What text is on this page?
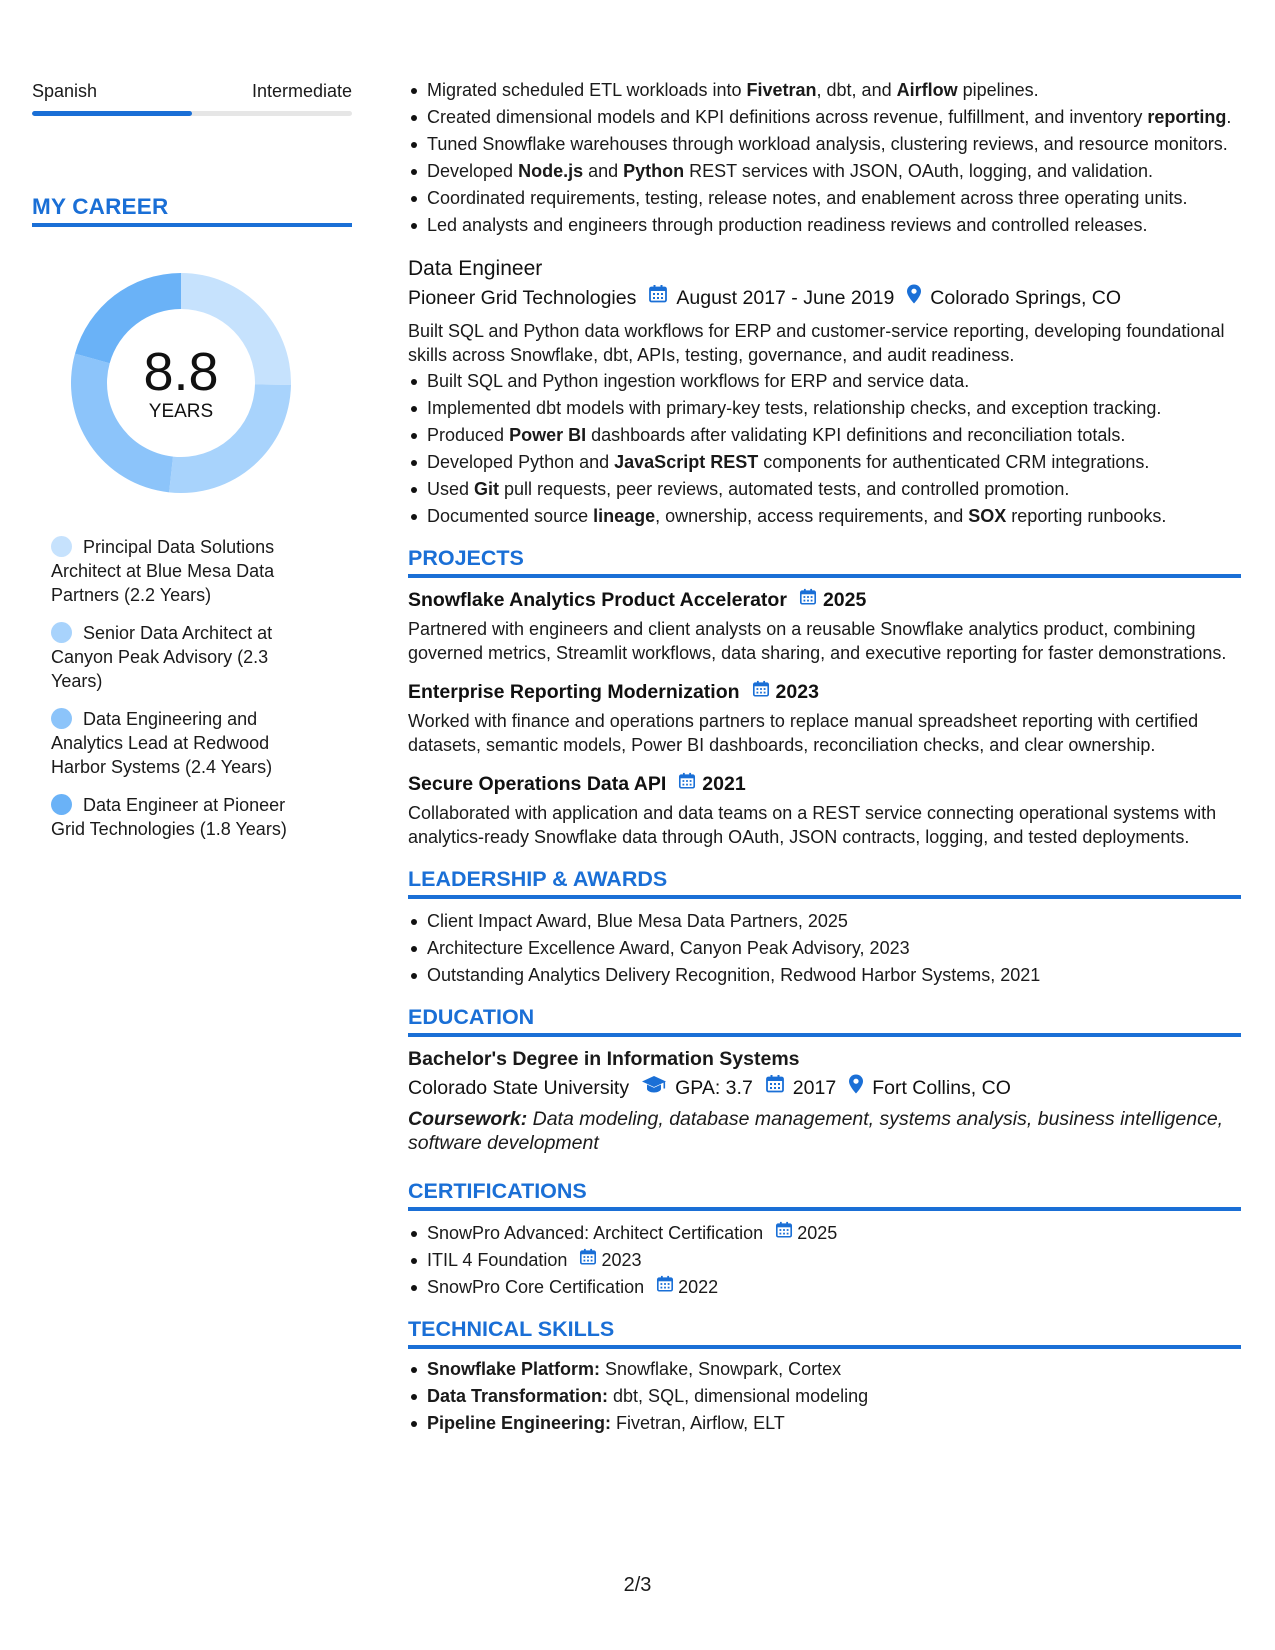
Spanish	Intermediate
MY CAREER
8.8
YEARS
Principal Data Solutions Architect at Blue Mesa Data Partners (2.2 Years)
Senior Data Architect at Canyon Peak Advisory (2.3 Years)
Data Engineering and Analytics Lead at Redwood Harbor Systems (2.4 Years)
Data Engineer at Pioneer Grid Technologies (1.8 Years)
Migrated scheduled ETL workloads into Fivetran, dbt, and Airflow pipelines.
Created dimensional models and KPI definitions across revenue, fulfillment, and inventory reporting.
Tuned Snowflake warehouses through workload analysis, clustering reviews, and resource monitors.
Developed Node.js and Python REST services with JSON, OAuth, logging, and validation.
Coordinated requirements, testing, release notes, and enablement across three operating units.
Led analysts and engineers through production readiness reviews and controlled releases.
Data Engineer
Pioneer Grid Technologies August 2017 - June 2019 Colorado Springs, CO
Built SQL and Python data workflows for ERP and customer-service reporting, developing foundational skills across Snowflake, dbt, APIs, testing, governance, and audit readiness.
Built SQL and Python ingestion workflows for ERP and service data.
Implemented dbt models with primary-key tests, relationship checks, and exception tracking.
Produced Power BI dashboards after validating KPI definitions and reconciliation totals.
Developed Python and JavaScript REST components for authenticated CRM integrations.
Used Git pull requests, peer reviews, automated tests, and controlled promotion.
Documented source lineage, ownership, access requirements, and SOX reporting runbooks.
PROJECTS
Snowflake Analytics Product Accelerator 2025
Partnered with engineers and client analysts on a reusable Snowflake analytics product, combining governed metrics, Streamlit workflows, data sharing, and executive reporting for faster demonstrations.
Enterprise Reporting Modernization 2023
Worked with finance and operations partners to replace manual spreadsheet reporting with certified datasets, semantic models, Power BI dashboards, reconciliation checks, and clear ownership.
Secure Operations Data API 2021
Collaborated with application and data teams on a REST service connecting operational systems with analytics-ready Snowflake data through OAuth, JSON contracts, logging, and tested deployments.
LEADERSHIP & AWARDS
Client Impact Award, Blue Mesa Data Partners, 2025
Architecture Excellence Award, Canyon Peak Advisory, 2023
Outstanding Analytics Delivery Recognition, Redwood Harbor Systems, 2021
EDUCATION
Bachelor's Degree in Information Systems
Colorado State University GPA: 3.7 2017 Fort Collins, CO
Coursework: Data modeling, database management, systems analysis, business intelligence, software development
CERTIFICATIONS
SnowPro Advanced: Architect Certification 2025
ITIL 4 Foundation 2023
SnowPro Core Certification 2022
TECHNICAL SKILLS
Snowflake Platform: Snowflake, Snowpark, Cortex
Data Transformation: dbt, SQL, dimensional modeling
Pipeline Engineering: Fivetran, Airflow, ELT
2/3
